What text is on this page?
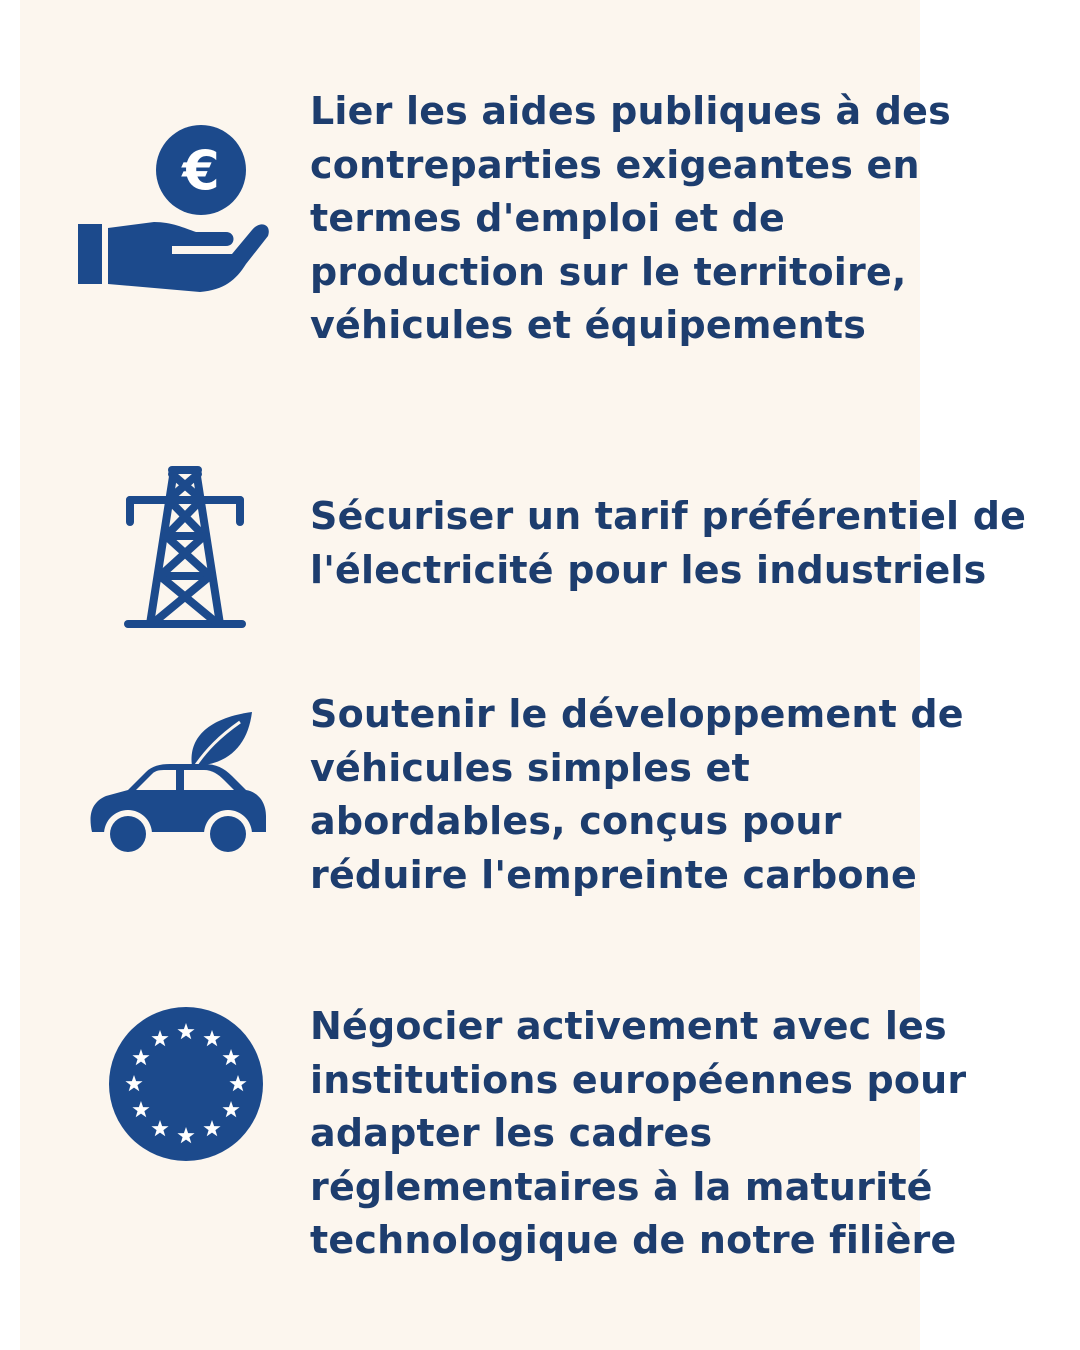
€

Lier les aides publiques à des
contreparties exigeantes en
termes d'emploi et de
production sur le territoire,
véhicules et équipements

Sécuriser un tarif préférentiel de
l'électricité pour les industriels

Soutenir le développement de
véhicules simples et
abordables, conçus pour
réduire l'empreinte carbone

Négocier activement avec les
institutions européennes pour
adapter les cadres
réglementaires à la maturité
technologique de notre filière
